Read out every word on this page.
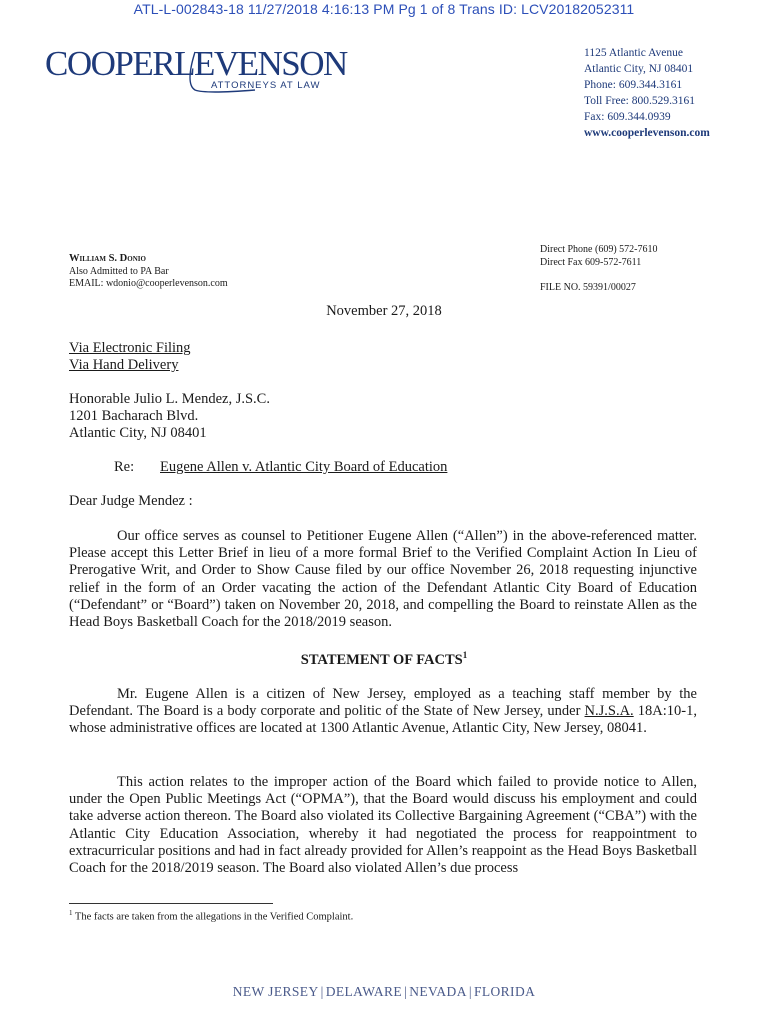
ATL-L-002843-18 11/27/2018 4:16:13 PM Pg 1 of 8 Trans ID: LCV20182052311
COOPERLEVENSON
ATTORNEYS AT LAW
1125 Atlantic Avenue
Atlantic City, NJ 08401
Phone: 609.344.3161
Toll Free: 800.529.3161
Fax: 609.344.0939
www.cooperlevenson.com
William S. Donio
Also Admitted to PA Bar
EMAIL: wdonio@cooperlevenson.com
Direct Phone (609) 572-7610
Direct Fax 609-572-7611
FILE NO. 59391/00027
November 27, 2018
Via Electronic Filing
Via Hand Delivery
Honorable Julio L. Mendez, J.S.C.
1201 Bacharach Blvd.
Atlantic City, NJ 08401
Re: Eugene Allen v. Atlantic City Board of Education
Dear Judge Mendez :
Our office serves as counsel to Petitioner Eugene Allen (“Allen”) in the above-referenced matter. Please accept this Letter Brief in lieu of a more formal Brief to the Verified Complaint Action In Lieu of Prerogative Writ, and Order to Show Cause filed by our office November 26, 2018 requesting injunctive relief in the form of an Order vacating the action of the Defendant Atlantic City Board of Education (“Defendant” or “Board”) taken on November 20, 2018, and compelling the Board to reinstate Allen as the Head Boys Basketball Coach for the 2018/2019 season.
STATEMENT OF FACTS$^1$
Mr. Eugene Allen is a citizen of New Jersey, employed as a teaching staff member by the Defendant. The Board is a body corporate and politic of the State of New Jersey, under N.J.S.A. 18A:10-1, whose administrative offices are located at 1300 Atlantic Avenue, Atlantic City, New Jersey, 08041.
This action relates to the improper action of the Board which failed to provide notice to Allen, under the Open Public Meetings Act (“OPMA”), that the Board would discuss his employment and could take adverse action thereon. The Board also violated its Collective Bargaining Agreement (“CBA”) with the Atlantic City Education Association, whereby it had negotiated the process for reappointment to extracurricular positions and had in fact already provided for Allen’s reappoint as the Head Boys Basketball Coach for the 2018/2019 season. The Board also violated Allen’s due process
$^1$ The facts are taken from the allegations in the Verified Complaint.
NEW JERSEY | DELAWARE | NEVADA | FLORIDA
